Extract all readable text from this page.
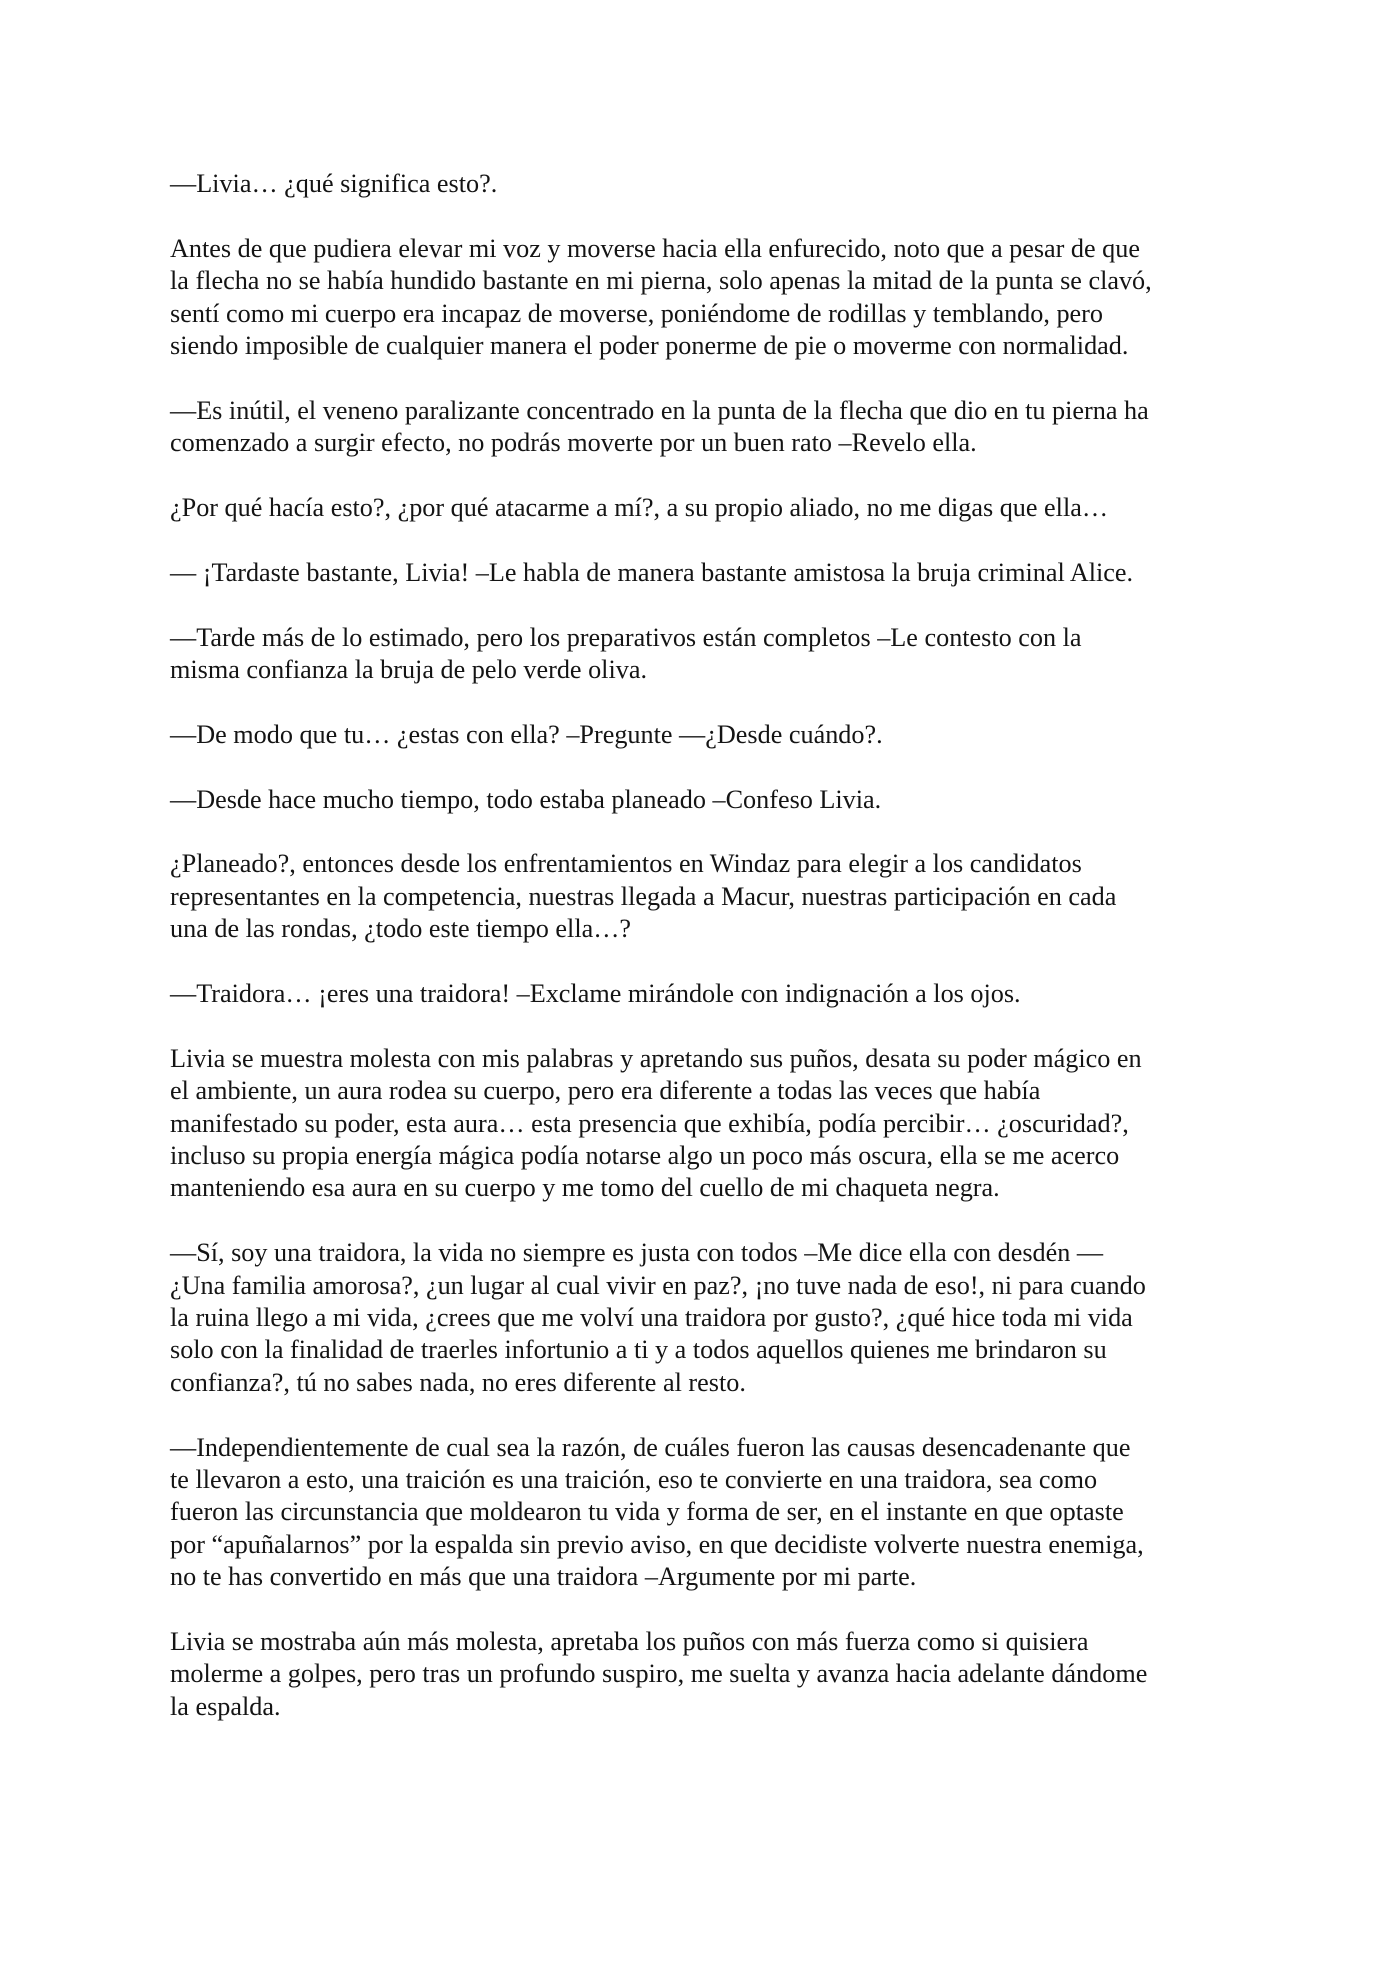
—Livia… ¿qué significa esto?.

Antes de que pudiera elevar mi voz y moverse hacia ella enfurecido, noto que a pesar de que
la flecha no se había hundido bastante en mi pierna, solo apenas la mitad de la punta se clavó,
sentí como mi cuerpo era incapaz de moverse, poniéndome de rodillas y temblando, pero
siendo imposible de cualquier manera el poder ponerme de pie o moverme con normalidad.

—Es inútil, el veneno paralizante concentrado en la punta de la flecha que dio en tu pierna ha
comenzado a surgir efecto, no podrás moverte por un buen rato –Revelo ella.

¿Por qué hacía esto?, ¿por qué atacarme a mí?, a su propio aliado, no me digas que ella…

— ¡Tardaste bastante, Livia! –Le habla de manera bastante amistosa la bruja criminal Alice.

—Tarde más de lo estimado, pero los preparativos están completos –Le contesto con la
misma confianza la bruja de pelo verde oliva.

—De modo que tu… ¿estas con ella? –Pregunte —¿Desde cuándo?.

—Desde hace mucho tiempo, todo estaba planeado –Confeso Livia.

¿Planeado?, entonces desde los enfrentamientos en Windaz para elegir a los candidatos
representantes en la competencia, nuestras llegada a Macur, nuestras participación en cada
una de las rondas, ¿todo este tiempo ella…?

—Traidora… ¡eres una traidora! –Exclame mirándole con indignación a los ojos.

Livia se muestra molesta con mis palabras y apretando sus puños, desata su poder mágico en
el ambiente, un aura rodea su cuerpo, pero era diferente a todas las veces que había
manifestado su poder, esta aura… esta presencia que exhibía, podía percibir… ¿oscuridad?,
incluso su propia energía mágica podía notarse algo un poco más oscura, ella se me acerco
manteniendo esa aura en su cuerpo y me tomo del cuello de mi chaqueta negra.

—Sí, soy una traidora, la vida no siempre es justa con todos –Me dice ella con desdén —
¿Una familia amorosa?, ¿un lugar al cual vivir en paz?, ¡no tuve nada de eso!, ni para cuando
la ruina llego a mi vida, ¿crees que me volví una traidora por gusto?, ¿qué hice toda mi vida
solo con la finalidad de traerles infortunio a ti y a todos aquellos quienes me brindaron su
confianza?, tú no sabes nada, no eres diferente al resto.

—Independientemente de cual sea la razón, de cuáles fueron las causas desencadenante que
te llevaron a esto, una traición es una traición, eso te convierte en una traidora, sea como
fueron las circunstancia que moldearon tu vida y forma de ser, en el instante en que optaste
por “apuñalarnos” por la espalda sin previo aviso, en que decidiste volverte nuestra enemiga,
no te has convertido en más que una traidora –Argumente por mi parte.

Livia se mostraba aún más molesta, apretaba los puños con más fuerza como si quisiera
molerme a golpes, pero tras un profundo suspiro, me suelta y avanza hacia adelante dándome
la espalda.
